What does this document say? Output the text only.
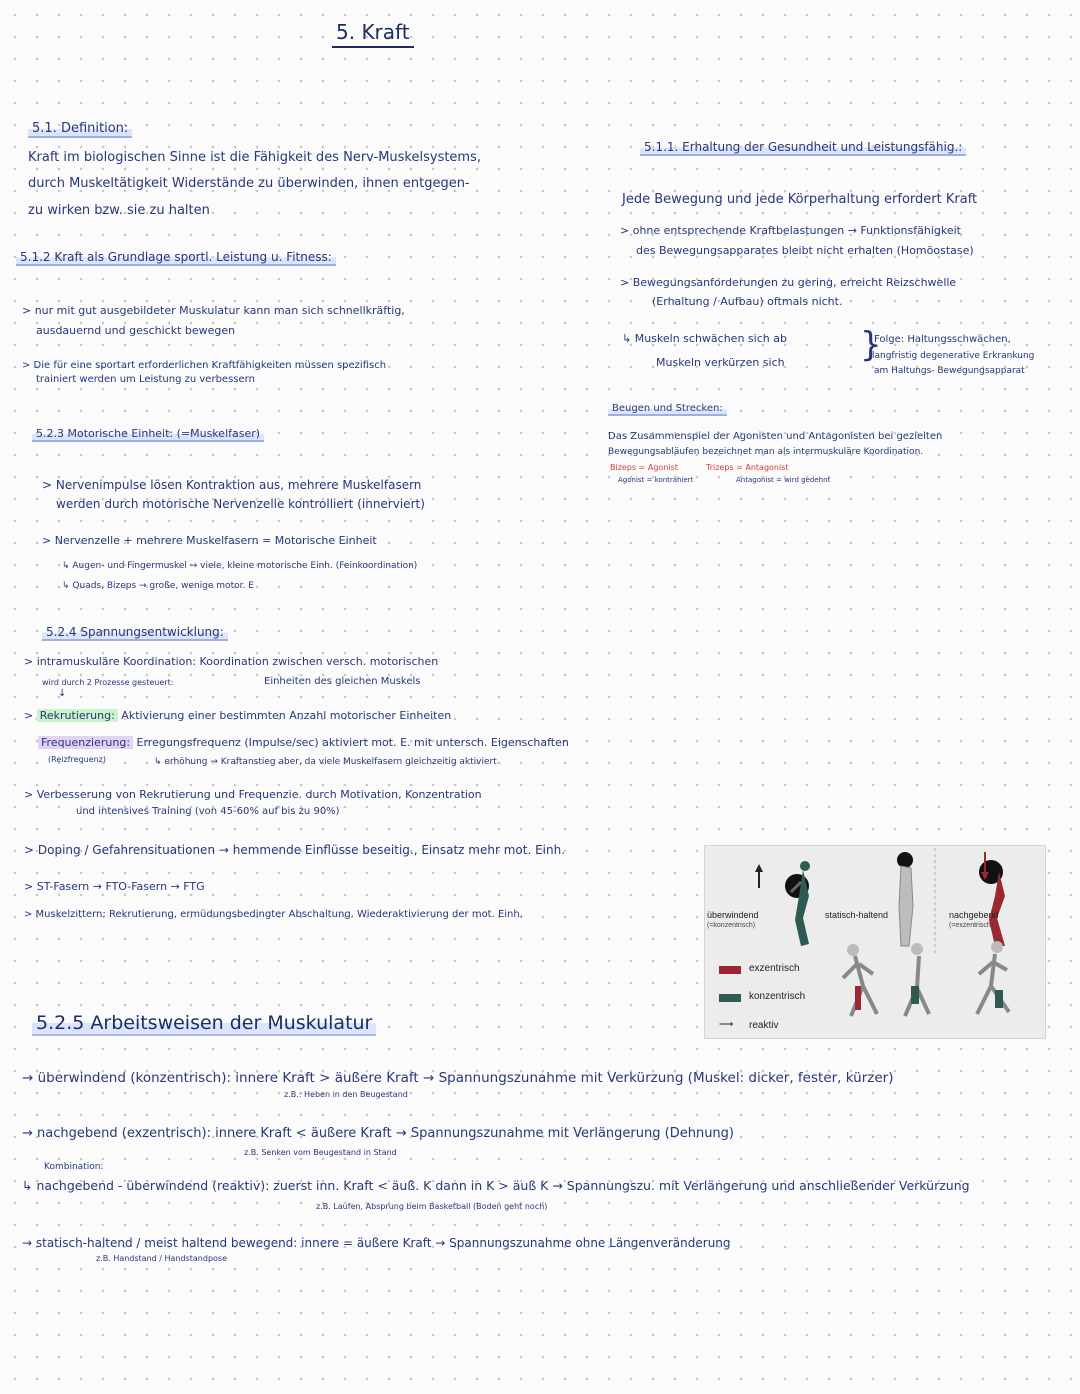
5. Kraft
5.1. Definition:
Kraft im biologischen Sinne ist die Fähigkeit des Nerv-Muskelsystems,
durch Muskeltätigkeit Widerstände zu überwinden, ihnen entgegen-
zu wirken bzw. sie zu halten
5.1.2 Kraft als Grundlage sportl. Leistung u. Fitness:
> nur mit gut ausgebildeter Muskulatur kann man sich schnellkräftig,
ausdauernd und geschickt bewegen
> Die für eine sportart erforderlichen Kraftfähigkeiten müssen spezifisch
trainiert werden um Leistung zu verbessern
5.2.3 Motorische Einheit: (=Muskelfaser)
> Nervenimpulse lösen Kontraktion aus, mehrere Muskelfasern
werden durch motorische Nervenzelle kontrolliert (innerviert)
> Nervenzelle + mehrere Muskelfasern = Motorische Einheit
↳ Augen- und Fingermuskel → viele, kleine motorische Einh. (Feinkoordination)
↳ Quads, Bizeps → große, wenige motor. E
5.2.4 Spannungsentwicklung:
> intramuskuläre Koordination: Koordination zwischen versch. motorischen
wird durch 2 Prozesse gesteuert:	Einheiten des gleichen Muskels
↓
> Rekrutierung: Aktivierung einer bestimmten Anzahl motorischer Einheiten
Frequenzierung: Erregungsfrequenz (Impulse/sec) aktiviert mot. E. mit untersch. Eigenschaften
(Reizfrequenz)	↳ erhöhung → Kraftanstieg aber, da viele Muskelfasern gleichzeitig aktiviert
> Verbesserung von Rekrutierung und Frequenzie. durch Motivation, Konzentration
und intensives Training (von 45-60% auf bis zu 90%)
> Doping / Gefahrensituationen → hemmende Einflüsse beseitig., Einsatz mehr mot. Einh.
> ST-Fasern → FTO-Fasern → FTG
> Muskelzittern: Rekrutierung, ermüdungsbedingter Abschaltung, Wiederaktivierung der mot. Einh.
5.1.1. Erhaltung der Gesundheit und Leistungsfähig.:
Jede Bewegung und jede Körperhaltung erfordert Kraft
> ohne entsprechende Kraftbelastungen → Funktionsfähigkeit
des Bewegungsapparates bleibt nicht erhalten (Homöostase)
> Bewegungsanforderungen zu gering, erreicht Reizschwelle
(Erhaltung / Aufbau) oftmals nicht.
↳ Muskeln schwächen sich ab
Muskeln verkürzen sich }
Folge: Haltungsschwächen,
langfristig degenerative Erkrankung
am Haltungs- Bewegungsapparat
Beugen und Strecken:
Das Zusammenspiel der Agonisten und Antagonisten bei gezielten
Bewegungsabläufen bezeichnet man als intermuskuläre Koordination.
Bizeps = Agonist	Trizeps = Antagonist
Agonist = kontrahiert	Antagonist = wird gedehnt
überwindend
(=konzentrisch)
statisch-haltend	nachgebend
(=exzentrisch)
exzentrisch
konzentrisch
⟶ reaktiv
5.2.5 Arbeitsweisen der Muskulatur
→ überwindend (konzentrisch): innere Kraft > äußere Kraft → Spannungszunahme mit Verkürzung (Muskel: dicker, fester, kürzer)
z.B.: Heben in den Beugestand
→ nachgebend (exzentrisch): innere Kraft < äußere Kraft → Spannungszunahme mit Verlängerung (Dehnung)
z.B. Senken vom Beugestand in Stand
Kombination:
↳ nachgebend - überwindend (reaktiv): zuerst inn. Kraft < äuß. K dann in K > äuß K → Spannungszu. mit Verlängerung und anschließender Verkürzung
z.B. Laufen, Absprung beim Basketball (Boden geht noch)
→ statisch-haltend / meist haltend bewegend: innere = äußere Kraft → Spannungszunahme ohne Längenveränderung
z.B. Handstand / Handstandpose
